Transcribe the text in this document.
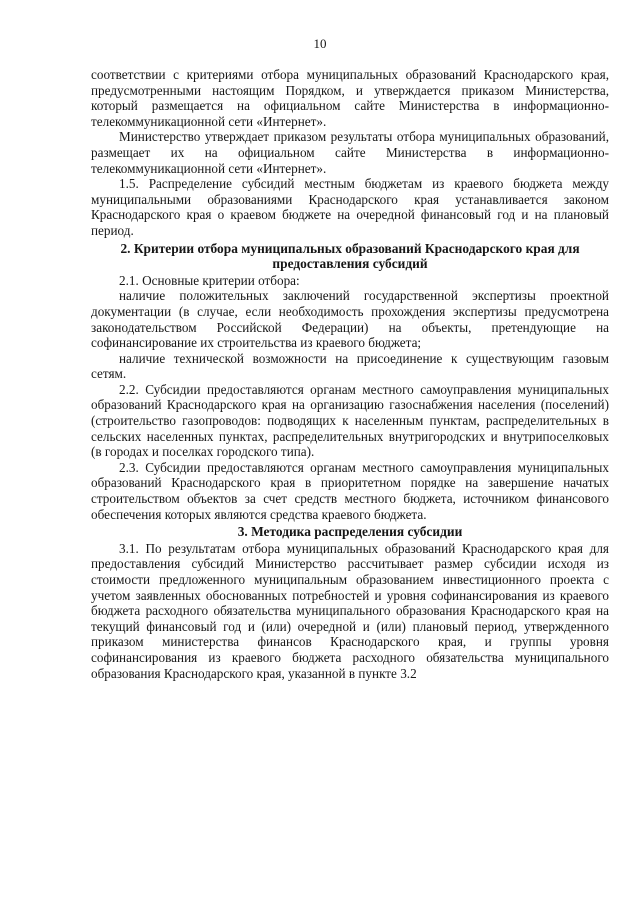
10

соответствии с критериями отбора муниципальных образований Краснодарского края, предусмотренными настоящим Порядком, и утверждается приказом Министерства, который размещается на официальном сайте Министерства в информационно-телекоммуникационной сети «Интернет».

Министерство утверждает приказом результаты отбора муниципальных образований, размещает их на официальном сайте Министерства в информационно-телекоммуникационной сети «Интернет».

1.5. Распределение субсидий местным бюджетам из краевого бюджета между муниципальными образованиями Краснодарского края устанавливается законом Краснодарского края о краевом бюджете на очередной финансовый год и на плановый период.

2. Критерии отбора муниципальных образований Краснодарского края для предоставления субсидий

2.1. Основные критерии отбора:

наличие положительных заключений государственной экспертизы проектной документации (в случае, если необходимость прохождения экспертизы предусмотрена законодательством Российской Федерации) на объекты, претендующие на софинансирование их строительства из краевого бюджета;

наличие технической возможности на присоединение к существующим газовым сетям.

2.2. Субсидии предоставляются органам местного самоуправления муниципальных образований Краснодарского края на организацию газоснабжения населения (поселений) (строительство газопроводов: подводящих к населенным пунктам, распределительных в сельских населенных пунктах, распределительных внутригородских и внутрипоселковых (в городах и поселках городского типа).

2.3. Субсидии предоставляются органам местного самоуправления муниципальных образований Краснодарского края в приоритетном порядке на завершение начатых строительством объектов за счет средств местного бюджета, источником финансового обеспечения которых являются средства краевого бюджета.

3. Методика распределения субсидии

3.1. По результатам отбора муниципальных образований Краснодарского края для предоставления субсидий Министерство рассчитывает размер субсидии исходя из стоимости предложенного муниципальным образованием инвестиционного проекта с учетом заявленных обоснованных потребностей и уровня софинансирования из краевого бюджета расходного обязательства муниципального образования Краснодарского края на текущий финансовый год и (или) очередной и (или) плановый период, утвержденного приказом министерства финансов Краснодарского края, и группы уровня софинансирования из краевого бюджета расходного обязательства муниципального образования Краснодарского края, указанной в пункте 3.2
